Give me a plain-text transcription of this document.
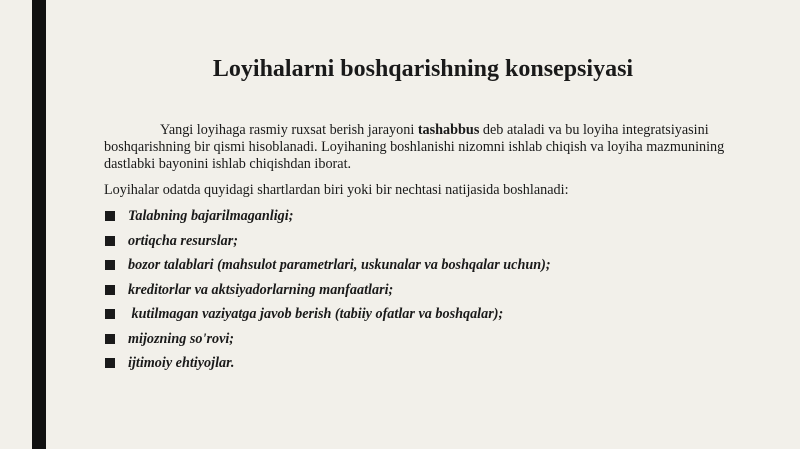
Loyihalarni boshqarishning konsepsiyasi

Yangi loyihaga rasmiy ruxsat berish jarayoni tashabbus deb ataladi va bu loyiha integratsiyasini boshqarishning bir qismi hisoblanadi. Loyihaning boshlanishi nizomni ishlab chiqish va loyiha mazmunining dastlabki bayonini ishlab chiqishdan iborat.

Loyihalar odatda quyidagi shartlardan biri yoki bir nechtasi natijasida boshlanadi:

Talabning bajarilmaganligi;
ortiqcha resurslar;
bozor talablari (mahsulot parametrlari, uskunalar va boshqalar uchun);
kreditorlar va aktsiyadorlarning manfaatlari;
kutilmagan vaziyatga javob berish (tabiiy ofatlar va boshqalar);
mijozning so'rovi;
ijtimoiy ehtiyojlar.
